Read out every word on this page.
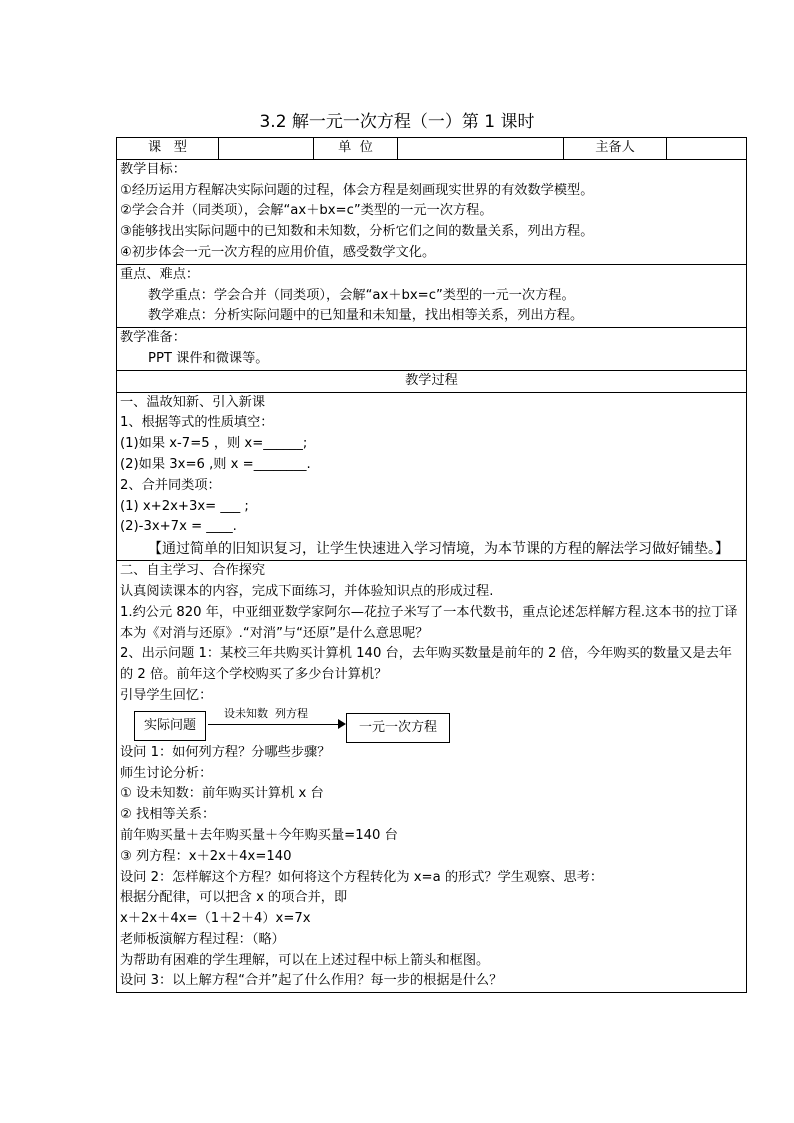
3.2 解一元一次方程（一）第 1 课时
课   型		单  位		主备人	

教学目标：
①经历运用方程解决实际问题的过程，体会方程是刻画现实世界的有效数学模型。
②学会合并（同类项），会解“ax＋bx=c”类型的一元一次方程。
③能够找出实际问题中的已知数和未知数，分析它们之间的数量关系，列出方程。
④初步体会一元一次方程的应用价值，感受数学文化。

重点、难点：
教学重点：学会合并（同类项），会解“ax＋bx=c”类型的一元一次方程。
教学难点：分析实际问题中的已知量和未知量，找出相等关系，列出方程。

教学准备：
PPT 课件和微课等。

教学过程

一、温故知新、引入新课
1、根据等式的性质填空：
(1)如果 x-7=5 ，则 x=______;
(2)如果 3x=6 ,则 x =________.
2、合并同类项：
(1) x+2x+3x= ___ ;
(2)-3x+7x = ____.
【通过简单的旧知识复习，让学生快速进入学习情境，为本节课的方程的解法学习做好铺垫。】

二、自主学习、合作探究
认真阅读课本的内容，完成下面练习，并体验知识点的形成过程.
1.约公元 820 年，中亚细亚数学家阿尔—花拉子米写了一本代数书，重点论述怎样解方程.这本书的拉丁译本为《对消与还原》.“对消”与“还原”是什么意思呢？
2、出示问题 1：某校三年共购买计算机 140 台，去年购买数量是前年的 2 倍，今年购买的数量又是去年的 2 倍。前年这个学校购买了多少台计算机？
引导学生回忆：
实际问题
设未知数  列方程
一元一次方程
设问 1：如何列方程？分哪些步骤？
师生讨论分析：
① 设未知数：前年购买计算机 x 台
② 找相等关系：
前年购买量＋去年购买量＋今年购买量=140 台
③ 列方程：x＋2x＋4x=140
设问 2：怎样解这个方程？如何将这个方程转化为 x=a 的形式？学生观察、思考：
根据分配律，可以把含 x 的项合并，即
x＋2x＋4x=（1＋2＋4）x=7x
老师板演解方程过程：（略）
为帮助有困难的学生理解，可以在上述过程中标上箭头和框图。
设问 3：以上解方程“合并”起了什么作用？每一步的根据是什么？
